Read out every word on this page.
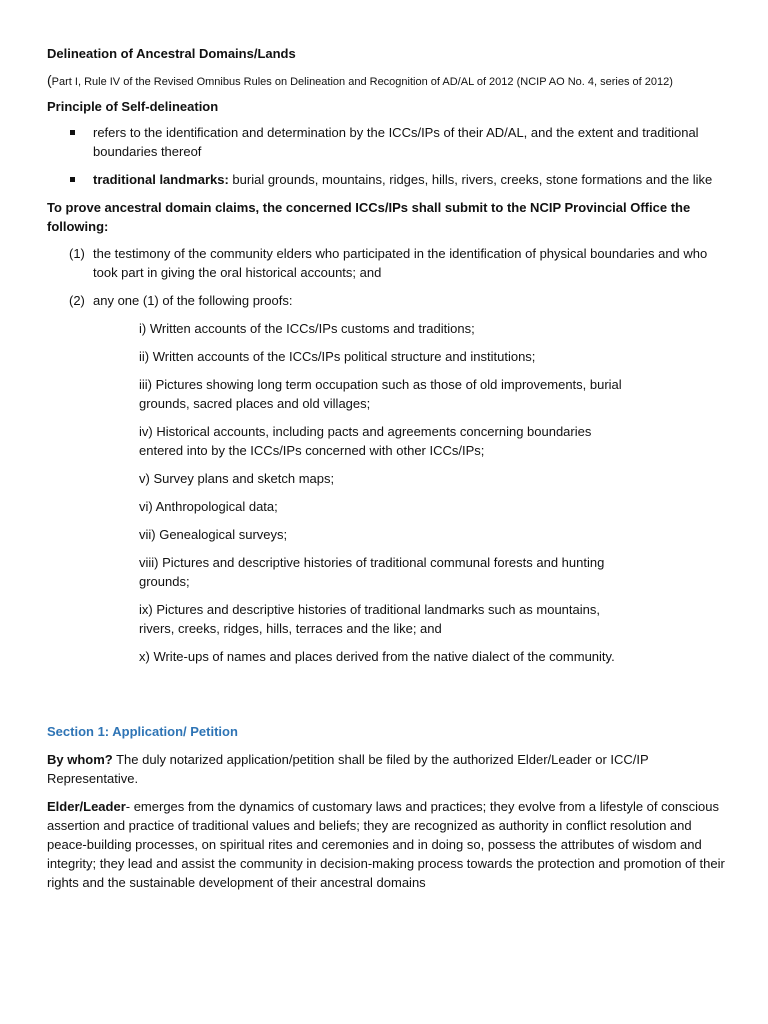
Delineation of Ancestral Domains/Lands
(Part I, Rule IV of the Revised Omnibus Rules on Delineation and Recognition of AD/AL of 2012 (NCIP AO No. 4, series of 2012)
Principle of Self-delineation
refers to the identification and determination by the ICCs/IPs of their AD/AL, and the extent and traditional boundaries thereof
traditional landmarks: burial grounds, mountains, ridges, hills, rivers, creeks, stone formations and the like
To prove ancestral domain claims, the concerned ICCs/IPs shall submit to the NCIP Provincial Office the following:
(1) the testimony of the community elders who participated in the identification of physical boundaries and who took part in giving the oral historical accounts; and
(2) any one (1) of the following proofs:
i) Written accounts of the ICCs/IPs customs and traditions;
ii) Written accounts of the ICCs/IPs political structure and institutions;
iii) Pictures showing long term occupation such as those of old improvements, burial grounds, sacred places and old villages;
iv) Historical accounts, including pacts and agreements concerning boundaries entered into by the ICCs/IPs concerned with other ICCs/IPs;
v) Survey plans and sketch maps;
vi) Anthropological data;
vii) Genealogical surveys;
viii) Pictures and descriptive histories of traditional communal forests and hunting grounds;
ix) Pictures and descriptive histories of traditional landmarks such as mountains, rivers, creeks, ridges, hills, terraces and the like; and
x) Write-ups of names and places derived from the native dialect of the community.
Section 1: Application/ Petition
By whom? The duly notarized application/petition shall be filed by the authorized Elder/Leader or ICC/IP Representative.
Elder/Leader- emerges from the dynamics of customary laws and practices; they evolve from a lifestyle of conscious assertion and practice of traditional values and beliefs; they are recognized as authority in conflict resolution and peace-building processes, on spiritual rites and ceremonies and in doing so, possess the attributes of wisdom and integrity; they lead and assist the community in decision-making process towards the protection and promotion of their rights and the sustainable development of their ancestral domains
